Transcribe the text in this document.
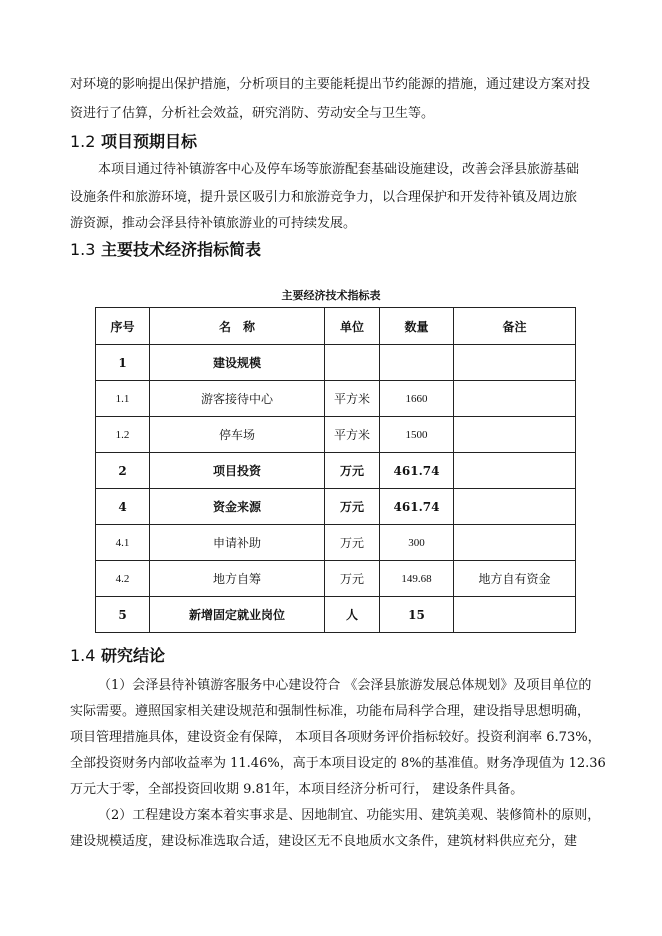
对环境的影响提出保护措施，分析项目的主要能耗提出节约能源的措施，通过建设方案对投
资进行了估算，分析社会效益，研究消防、劳动安全与卫生等。
1.2 项目预期目标
本项目通过待补镇游客中心及停车场等旅游配套基础设施建设，改善会泽县旅游基础
设施条件和旅游环境，提升景区吸引力和旅游竞争力，以合理保护和开发待补镇及周边旅
游资源，推动会泽县待补镇旅游业的可持续发展。
1.3 主要技术经济指标简表
主要经济技术指标表
序号	名　称	单位	数量	备注
1	建设规模			
1.1	游客接待中心	平方米	1660	
1.2	停车场	平方米	1500	
2	项目投资	万元	461.74	
4	资金来源	万元	461.74	
4.1	申请补助	万元	300	
4.2	地方自筹	万元	149.68	地方自有资金
5	新增固定就业岗位	人	15	
1.4 研究结论
（1）会泽县待补镇游客服务中心建设符合 《会泽县旅游发展总体规划》及项目单位的
实际需要。遵照国家相关建设规范和强制性标准，功能布局科学合理，建设指导思想明确，
项目管理措施具体，建设资金有保障， 本项目各项财务评价指标较好。投资利润率 6.73%，
全部投资财务内部收益率为 11.46%，高于本项目设定的 8%的基准值。财务净现值为 12.36
万元大于零，全部投资回收期 9.81年，本项目经济分析可行， 建设条件具备。
（2）工程建设方案本着实事求是、因地制宜、功能实用、建筑美观、装修简朴的原则，
建设规模适度，建设标准选取合适，建设区无不良地质水文条件，建筑材料供应充分，建
